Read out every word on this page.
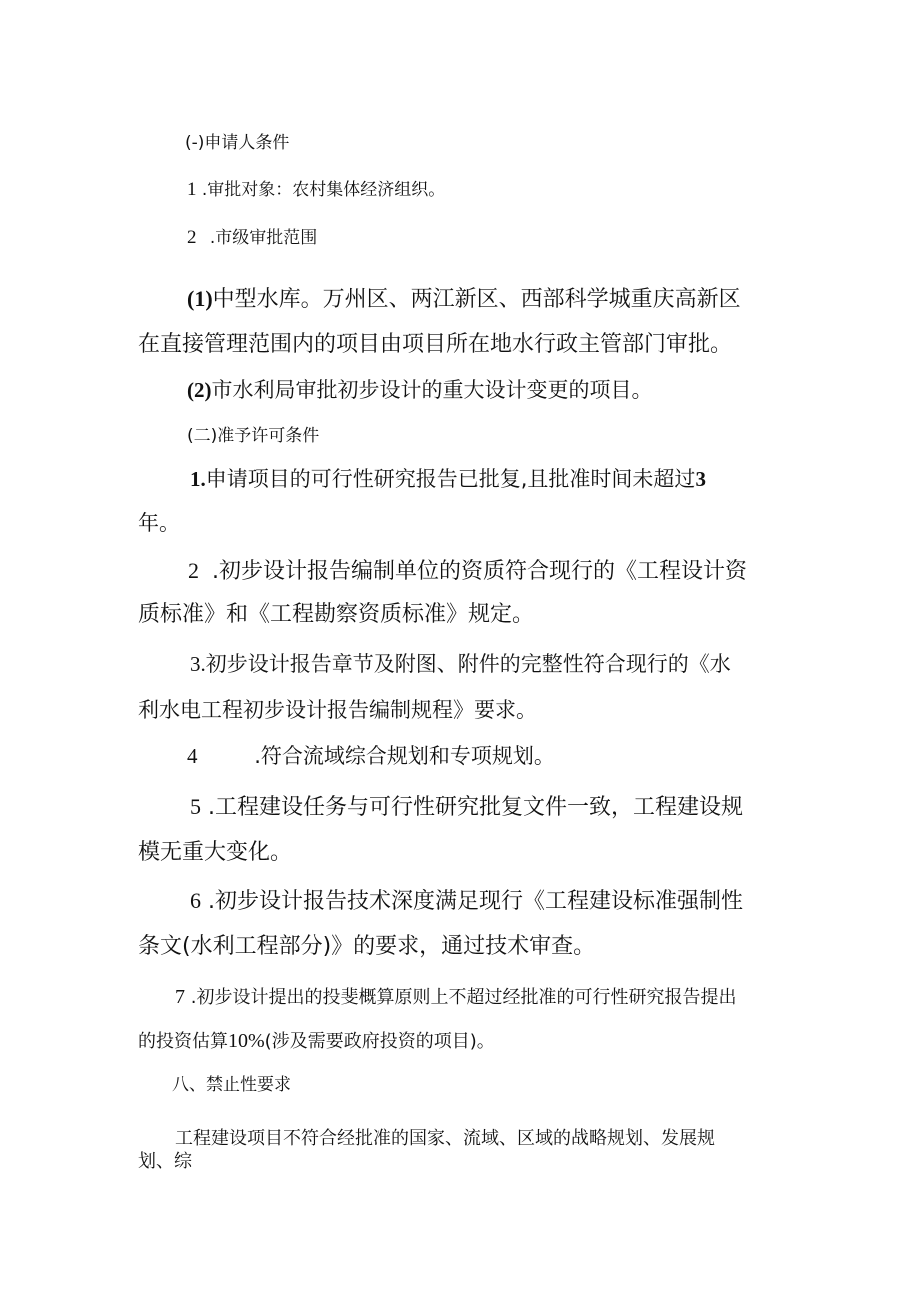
(-)申请人条件
1 .审批对象：农村集体经济组织。
2 .市级审批范围
(1)中型水库。万州区、两江新区、西部科学城重庆高新区
在直接管理范围内的项目由项目所在地水行政主管部门审批。
(2)市水利局审批初步设计的重大设计变更的项目。
(二)准予许可条件
1.申请项目的可行性研究报告已批复,且批准时间未超过3
年。
2 .初步设计报告编制单位的资质符合现行的《工程设计资
质标准》和《工程勘察资质标准》规定。
3.初步设计报告章节及附图、附件的完整性符合现行的《水
利水电工程初步设计报告编制规程》要求。
4	.符合流域综合规划和专项规划。
5 .工程建设任务与可行性研究批复文件一致，工程建设规
模无重大变化。
6 .初步设计报告技术深度满足现行《工程建设标准强制性
条文(水利工程部分)》的要求，通过技术审查。
7 .初步设计提出的投斐概算原则上不超过经批准的可行性研究报告提出
的投资估算10%(涉及需要政府投资的项目)。
八、禁止性要求
工程建设项目不符合经批准的国家、流域、区域的战略规划、发展规
划、综
